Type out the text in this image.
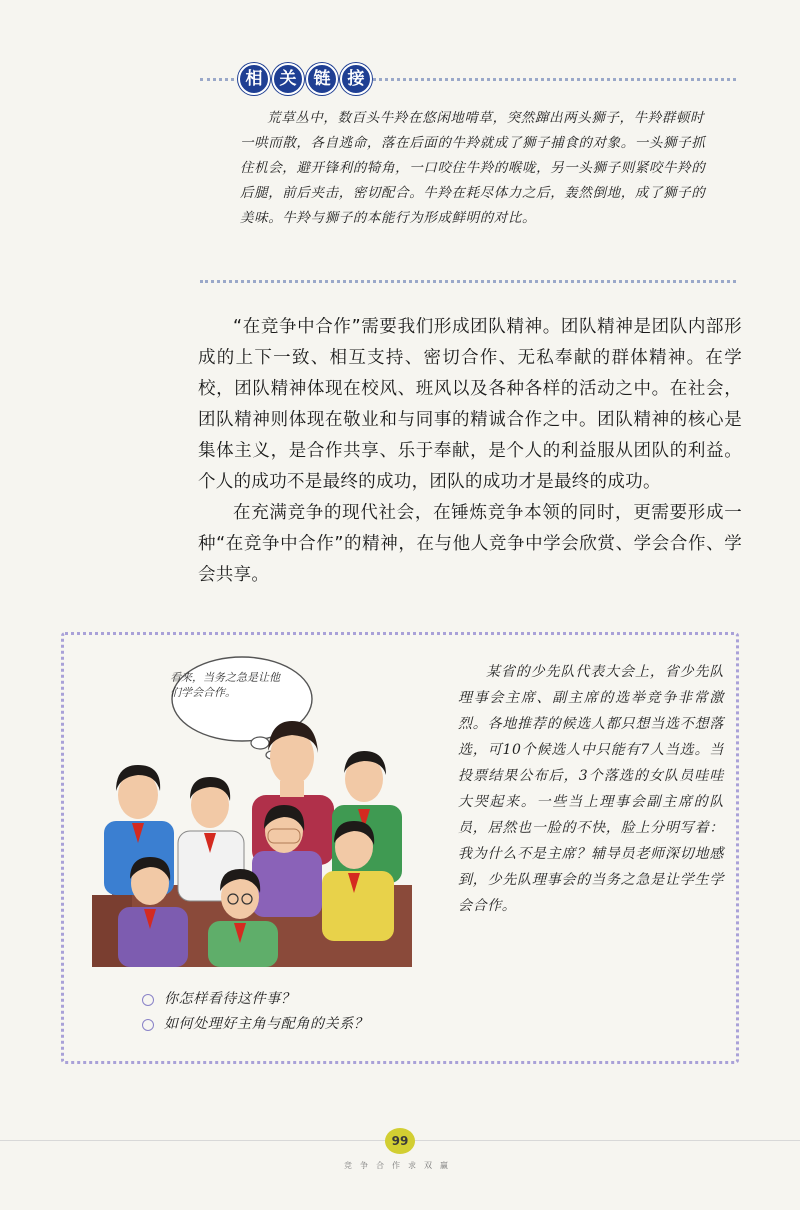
相	关	链	接
荒草丛中，数百头牛羚在悠闲地啃草，突然蹿出两头狮子，牛羚群顿时一哄而散，各自逃命，落在后面的牛羚就成了狮子捕食的对象。一头狮子抓住机会，避开锋利的犄角，一口咬住牛羚的喉咙，另一头狮子则紧咬牛羚的后腿，前后夹击，密切配合。牛羚在耗尽体力之后，轰然倒地，成了狮子的美味。牛羚与狮子的本能行为形成鲜明的对比。

“在竞争中合作”需要我们形成团队精神。团队精神是团队内部形成的上下一致、相互支持、密切合作、无私奉献的群体精神。在学校，团队精神体现在校风、班风以及各种各样的活动之中。在社会，团队精神则体现在敬业和与同事的精诚合作之中。团队精神的核心是集体主义，是合作共享、乐于奉献，是个人的利益服从团队的利益。个人的成功不是最终的成功，团队的成功才是最终的成功。

在充满竞争的现代社会，在锤炼竞争本领的同时，更需要形成一种“在竞争中合作”的精神，在与他人竞争中学会欣赏、学会合作、学会共享。

看来，当务之急是让他们学会合作。
某省的少先队代表大会上，省少先队理事会主席、副主席的选举竞争非常激烈。各地推荐的候选人都只想当选不想落选，可10个候选人中只能有7人当选。当投票结果公布后，3个落选的女队员哇哇大哭起来。一些当上理事会副主席的队员，居然也一脸的不快，脸上分明写着：我为什么不是主席？辅导员老师深切地感到，少先队理事会的当务之急是让学生学会合作。
你怎样看待这件事？
如何处理好主角与配角的关系？
99
竞争合作求双赢
